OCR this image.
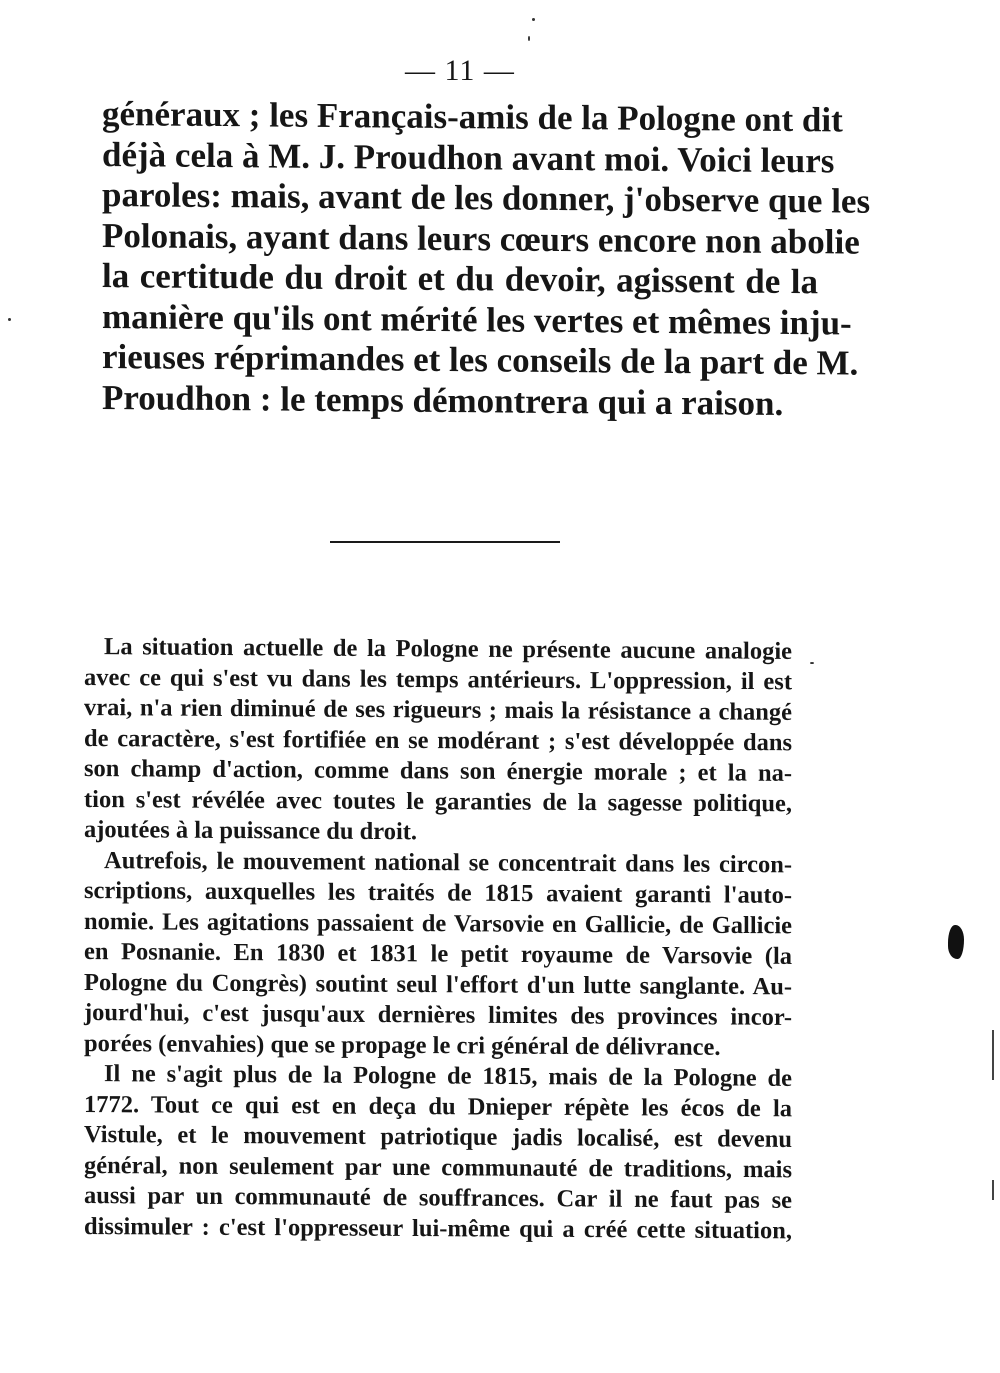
— 11 —
généraux ; les Français-amis de la Pologne ont dit
déjà cela à M. J. Proudhon avant moi. Voici leurs
paroles: mais, avant de les donner, j'observe que les
Polonais, ayant dans leurs cœurs encore non abolie
la certitude du droit et du devoir, agissent de la
manière qu'ils ont mérité les vertes et mêmes inju-
rieuses réprimandes et les conseils de la part de M.
Proudhon : le temps démontrera qui a raison.
La situation actuelle de la Pologne ne présente aucune analogie
avec ce qui s'est vu dans les temps antérieurs. L'oppression, il est
vrai, n'a rien diminué de ses rigueurs ; mais la résistance a changé
de caractère, s'est fortifiée en se modérant ; s'est développée dans
son champ d'action, comme dans son énergie morale ; et la na-
tion s'est révélée avec toutes le garanties de la sagesse politique,
ajoutées à la puissance du droit.
Autrefois, le mouvement national se concentrait dans les circon-
scriptions, auxquelles les traités de 1815 avaient garanti l'auto-
nomie. Les agitations passaient de Varsovie en Gallicie, de Gallicie
en Posnanie. En 1830 et 1831 le petit royaume de Varsovie (la
Pologne du Congrès) soutint seul l'effort d'un lutte sanglante. Au-
jourd'hui, c'est jusqu'aux dernières limites des provinces incor-
porées (envahies) que se propage le cri général de délivrance.
Il ne s'agit plus de la Pologne de 1815, mais de la Pologne de
1772. Tout ce qui est en deça du Dnieper répète les écos de la
Vistule, et le mouvement patriotique jadis localisé, est devenu
général, non seulement par une communauté de traditions, mais
aussi par un communauté de souffrances. Car il ne faut pas se
dissimuler : c'est l'oppresseur lui-même qui a créé cette situation,
